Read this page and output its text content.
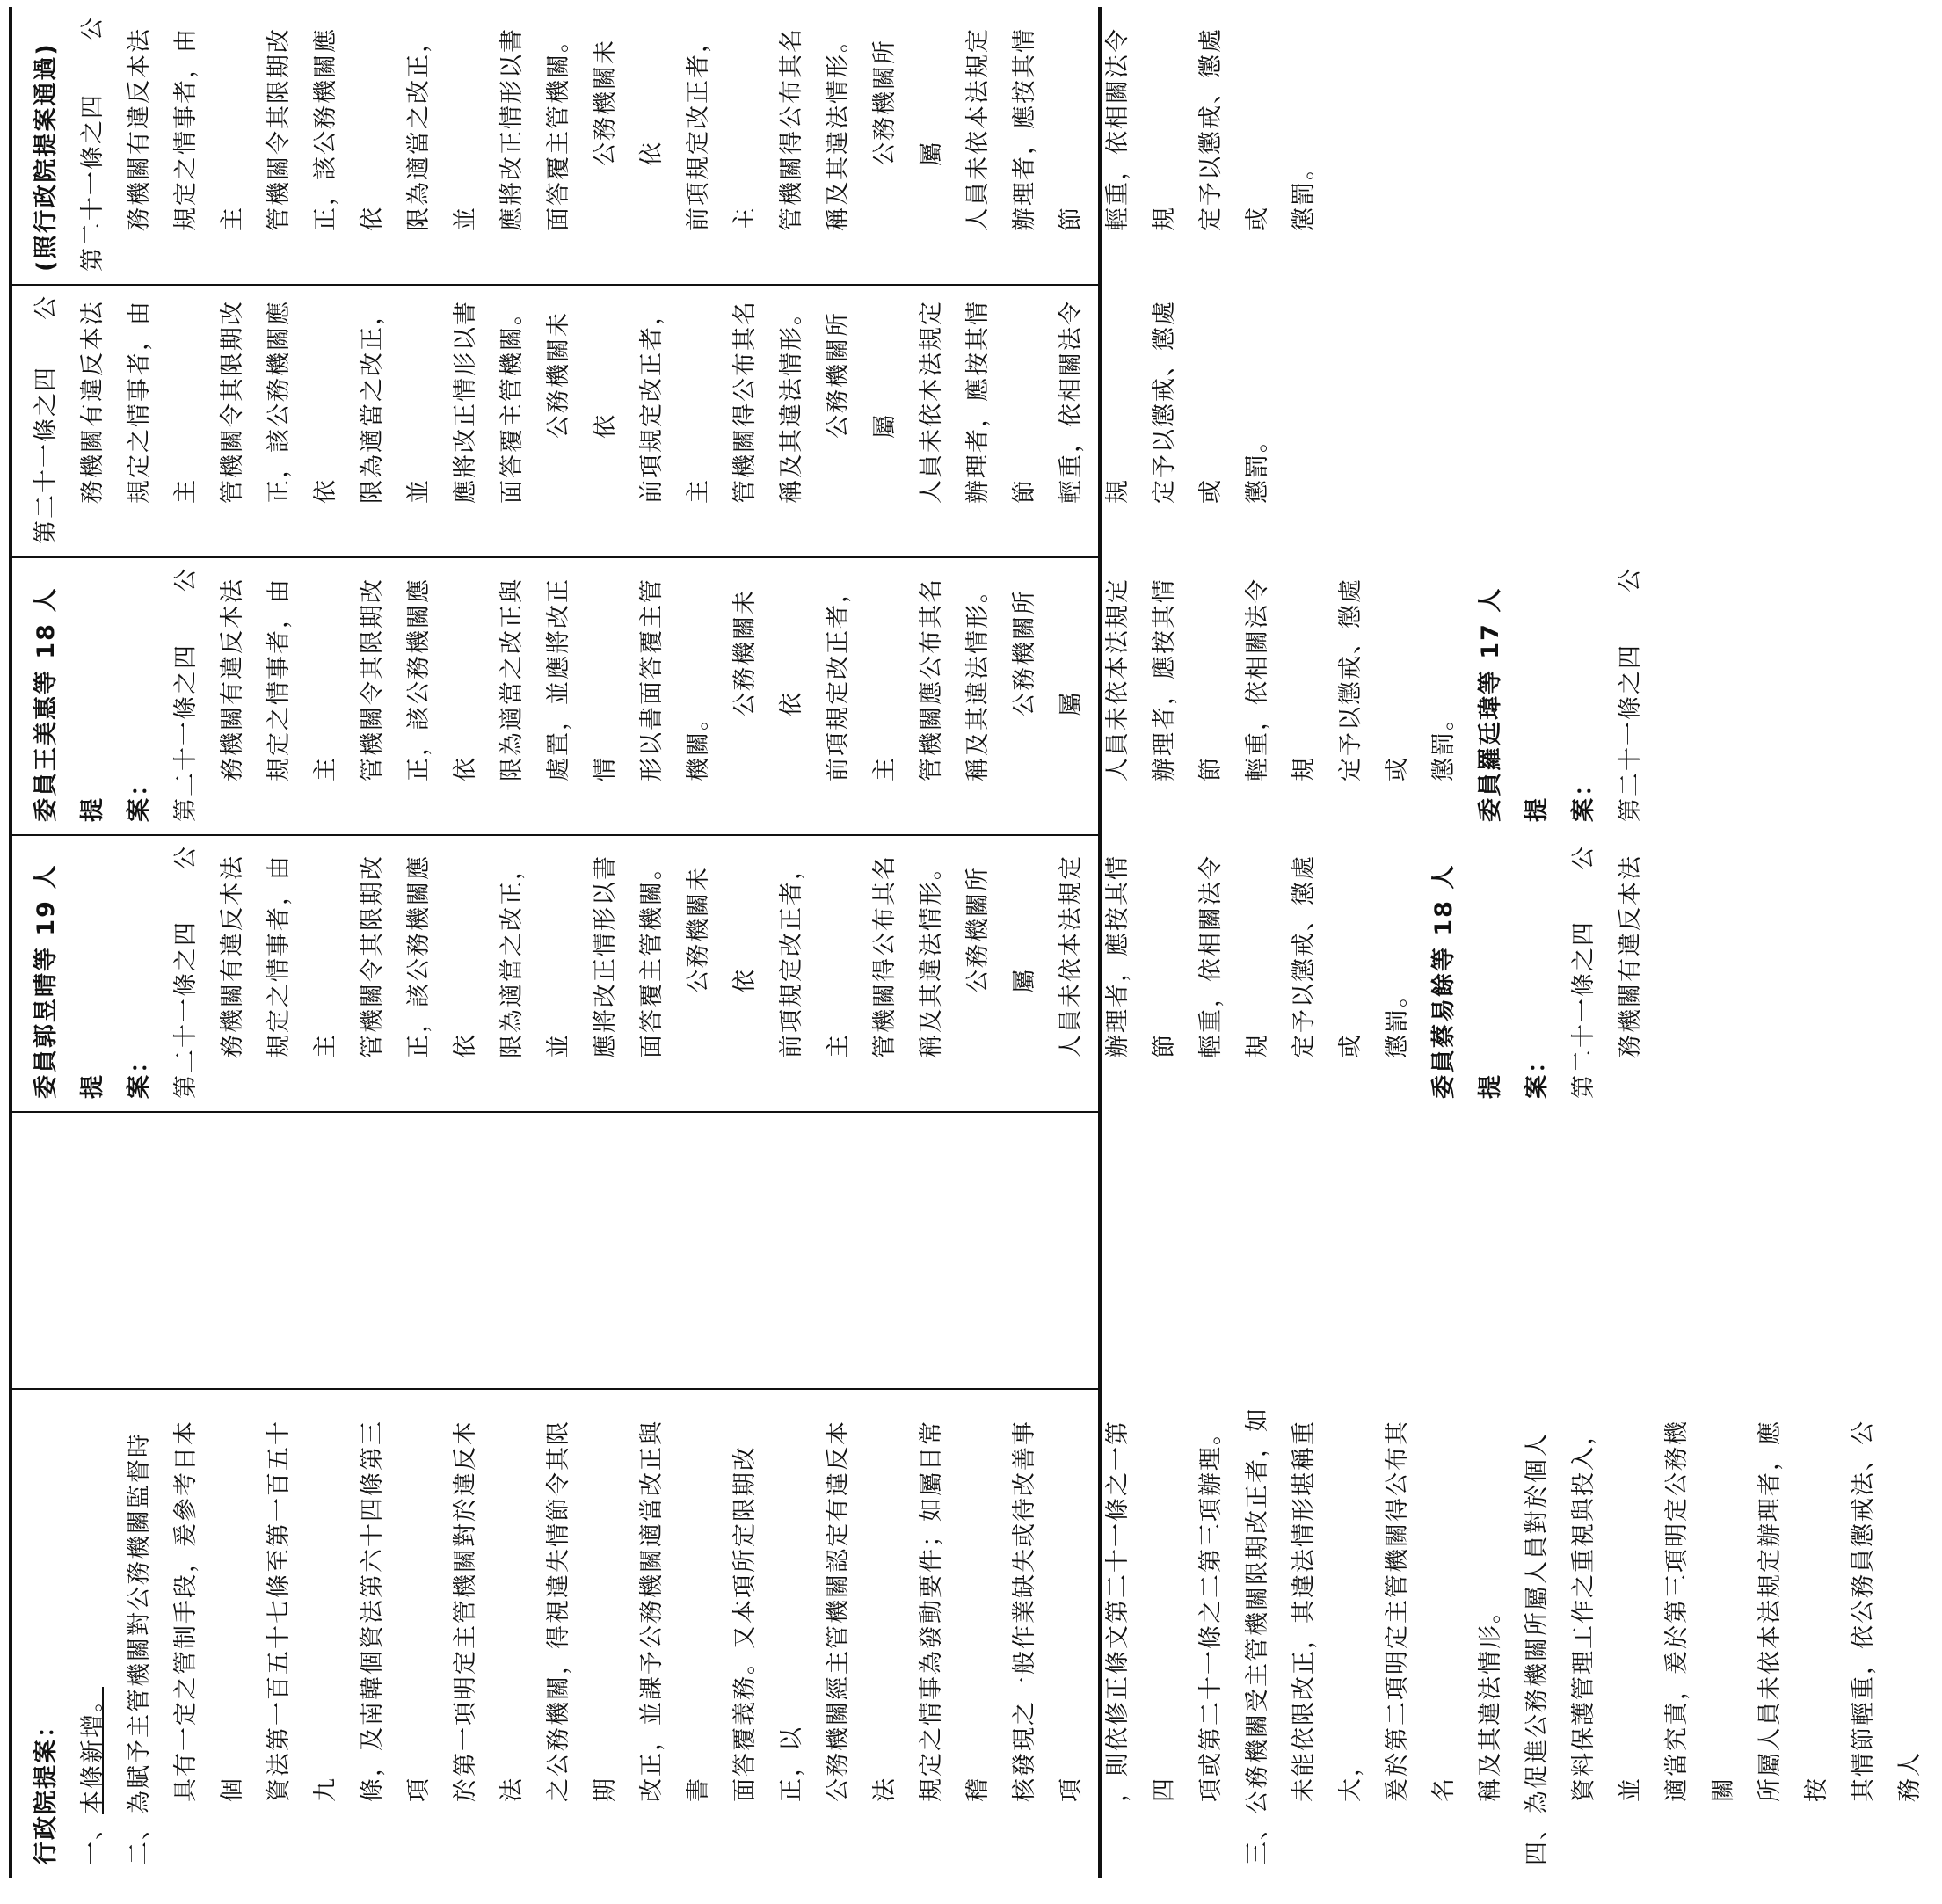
行政院提案： 一、本條新增。
二、為賦予主管機關對公務機關監督時 具有一定之管制手段，爰參考日本個 資法第一百五十七條至第一百五十九 條，及南韓個資法第六十四條第三項 於第一項明定主管機關對於違反本法 之公務機關，得視違失情節令其限期 改正，並課予公務機關適當改正與書 面答覆義務。又本項所定限期改正，以 公務機關經主管機關認定有違反本法 規定之情事為發動要件；如屬日常稽 核發現之一般作業缺失或待改善事項 ，則依修正條文第二十一條之一第四 項或第二十一條之二第三項辦理。
三、公務機關受主管機關限期改正者，如 未能依限改正，其違法情形堪稱重大， 爰於第二項明定主管機關得公布其名 稱及其違法情形。
四、為促進公務機關所屬人員對於個人 資料保護管理工作之重視與投入，並 適當究責，爰於第三項明定公務機關 所屬人員未依本法規定辦理者，應按 其情節輕重，依公務員懲戒法、公務人
委員郭昱晴等 19 人提 案： 第二十一條之四
公 務機關有違反本法 規定之情事者，由主 管機關令其限期改 正，該公務機關應依 限為適當之改正，並 應將改正情形以書 面答覆主管機關。 公務機關未依 前項規定改正者，主 管機關得公布其名 稱及其違法情形。 公務機關所屬 人員未依本法規定 辦理者，應按其情節 輕重，依相關法令規 定予以懲戒、懲處或 懲罰。 委員蔡易餘等 18 人提 案： 第二十一條之四
公 務機關有違反本法
委員王美惠等 18 人提 案： 第二十一條之四
公 務機關有違反本法 規定之情事者，由主 管機關令其限期改 正，該公務機關應依 限為適當之改正與 處置，並應將改正情 形以書面答覆主管 機關。
公務機關未依 前項規定改正者，主 管機關應公布其名 稱及其違法情形。 公務機關所屬 人員未依本法規定 辦理者，應按其情節 輕重，依相關法令規 定予以懲戒、懲處或 懲罰。 委員羅廷瑋等 17 人提 案： 第二十一條之四
公
第二十一條之四
公 務機關有違反本法 規定之情事者，由主 管機關令其限期改 正，該公務機關應依 限為適當之改正，並 應將改正情形以書 面答覆主管機關。 公務機關未依 前項規定改正者，主 管機關得公布其名 稱及其違法情形。 公務機關所屬 人員未依本法規定 辦理者，應按其情節 輕重，依相關法令規 定予以懲戒、懲處或 懲罰。
(照行政院提案通過) 第二十一條之四
公 務機關有違反本法 規定之情事者，由主 管機關令其限期改 正，該公務機關應依 限為適當之改正，並 應將改正情形以書 面答覆主管機關。 公務機關未依 前項規定改正者，主 管機關得公布其名 稱及其違法情形。 公務機關所屬 人員未依本法規定 辦理者，應按其情節 輕重，依相關法令規 定予以懲戒、懲處或 懲罰。
